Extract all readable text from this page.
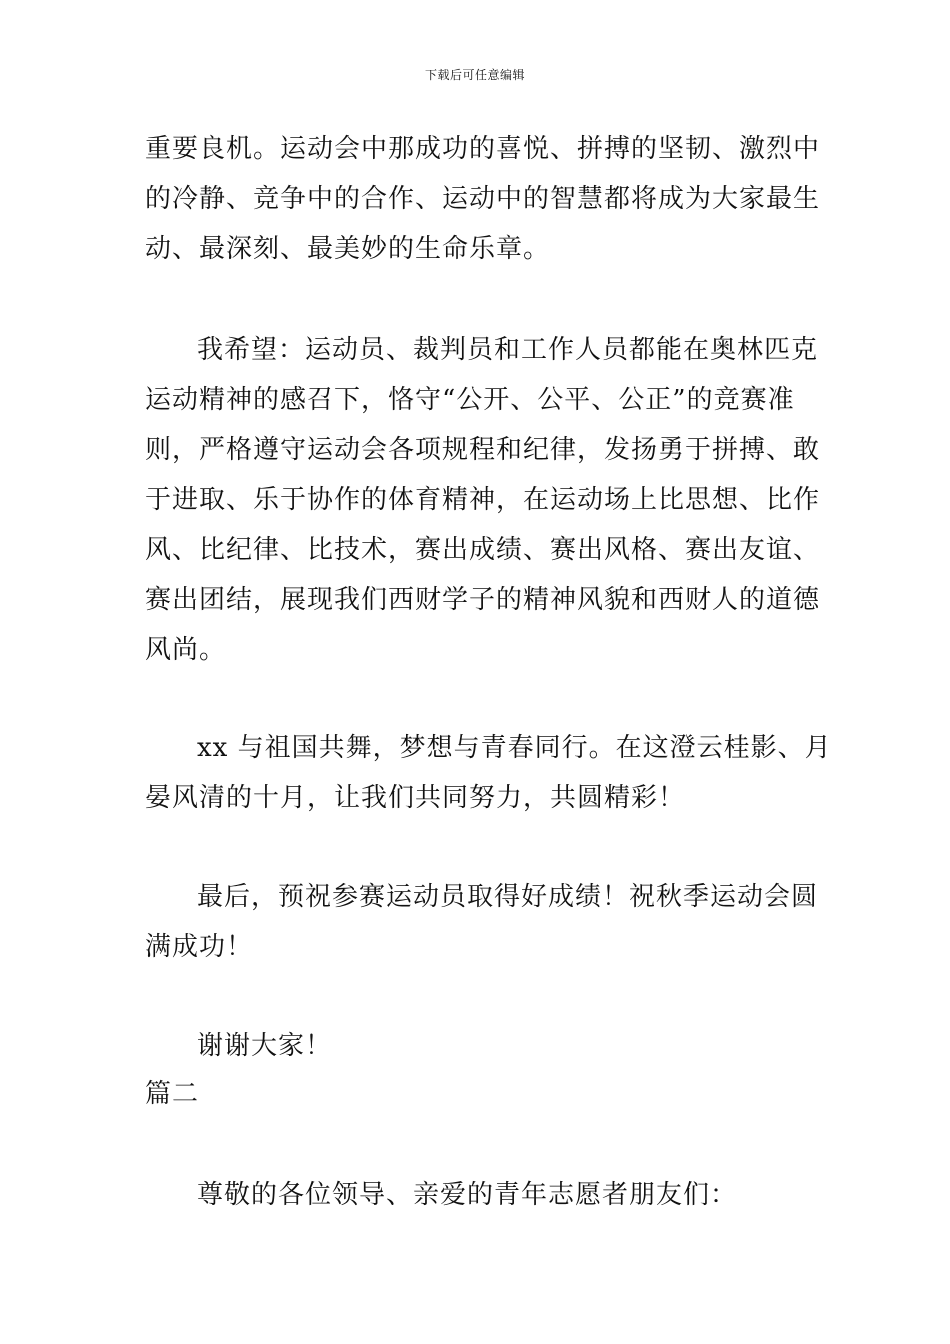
下载后可任意编辑
重要良机。运动会中那成功的喜悦、拼搏的坚韧、激烈中
的冷静、竞争中的合作、运动中的智慧都将成为大家最生
动、最深刻、最美妙的生命乐章。
我希望：运动员、裁判员和工作人员都能在奥林匹克
运动精神的感召下，恪守“公开、公平、公正”的竞赛准
则，严格遵守运动会各项规程和纪律，发扬勇于拼搏、敢
于进取、乐于协作的体育精神，在运动场上比思想、比作
风、比纪律、比技术，赛出成绩、赛出风格、赛出友谊、
赛出团结，展现我们西财学子的精神风貌和西财人的道德
风尚。
xx 与祖国共舞，梦想与青春同行。在这澄云桂影、月
晏风清的十月，让我们共同努力，共圆精彩！
最后，预祝参赛运动员取得好成绩！祝秋季运动会圆
满成功！
谢谢大家！
篇二
尊敬的各位领导、亲爱的青年志愿者朋友们：
